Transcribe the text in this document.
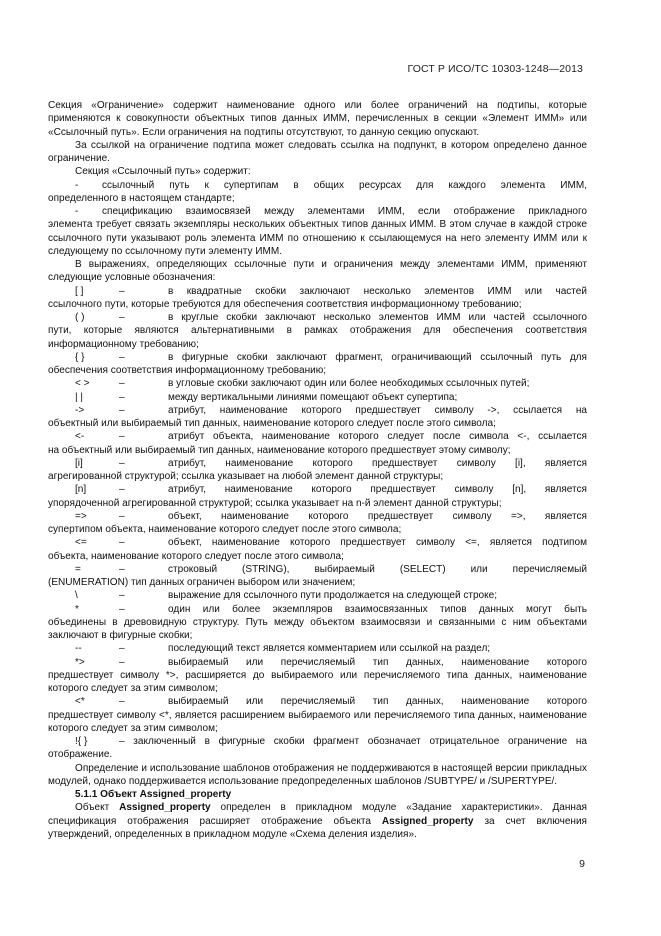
ГОСТ Р ИСО/ТС 10303-1248—2013

Секция «Ограничение» содержит наименование одного или более ограничений на подтипы, которые применяются к совокупности объектных типов данных ИММ, перечисленных в секции «Элемент ИММ» или «Ссылочный путь». Если ограничения на подтипы отсутствуют, то данную секцию опускают.

За ссылкой на ограничение подтипа может следовать ссылка на подпункт, в котором определено данное ограничение.

Секция «Ссылочный путь» содержит:

-	ссылочный путь к супертипам в общих ресурсах для каждого элемента ИММ,

определенного в настоящем стандарте;

-	спецификацию взаимосвязей между элементами ИММ, если отображение прикладного

элемента требует связать экземпляры нескольких объектных типов данных ИММ. В этом случае в каждой строке ссылочного пути указывают роль элемента ИММ по отношению к ссылающемуся на него элементу ИММ или к следующему по ссылочному пути элементу ИММ.

В выражениях, определяющих ссылочные пути и ограничения между элементами ИММ, применяют следующие условные обозначения:

[ ]	–	в квадратные скобки заключают несколько элементов ИММ или частей
ссылочного пути, которые требуются для обеспечения соответствия информационному требованию;
( )	–	в круглые скобки заключают несколько элементов ИММ или частей ссылочного
пути, которые являются альтернативными в рамках отображения для обеспечения соответствия информационному требованию;
{ }	–	в фигурные скобки заключают фрагмент, ограничивающий ссылочный путь для
обеспечения соответствия информационному требованию;
< >	–	в угловые скобки заключают один или более необходимых ссылочных путей;
| |	–	между вертикальными линиями помещают объект супертипа;
->	–	атрибут, наименование которого предшествует символу ->, ссылается на
объектный или выбираемый тип данных, наименование которого следует после этого символа;
<-	–	атрибут объекта, наименование которого следует после символа <-, ссылается
на объектный или выбираемый тип данных, наименование которого предшествует этому символу;
[i]	–	атрибут, наименование которого предшествует символу [i], является
агрегированной структурой; ссылка указывает на любой элемент данной структуры;
[n]	–	атрибут, наименование которого предшествует символу [n], является
упорядоченной агрегированной структурой; ссылка указывает на n-й элемент данной структуры;
=>	–	объект, наименование которого предшествует символу =>, является
супертипом объекта, наименование которого следует после этого символа;
<=	–	объект, наименование которого предшествует символу <=, является подтипом
объекта, наименование которого следует после этого символа;
=	–	строковый (STRING), выбираемый (SELECT) или перечисляемый
(ENUMERATION) тип данных ограничен выбором или значением;
\	–	выражение для ссылочного пути продолжается на следующей строке;
*	–	один или более экземпляров взаимосвязанных типов данных могут быть
объединены в древовидную структуру. Путь между объектом взаимосвязи и связанными с ним объектами заключают в фигурные скобки;
--	–	последующий текст является комментарием или ссылкой на раздел;
*>	–	выбираемый или перечисляемый тип данных, наименование которого
предшествует символу *>, расширяется до выбираемого или перечисляемого типа данных, наименование которого следует за этим символом;
<*	–	выбираемый или перечисляемый тип данных, наименование которого
предшествует символу <*, является расширением выбираемого или перечисляемого типа данных, наименование которого следует за этим символом;
!{ }	– заключенный в фигурные скобки фрагмент обозначает отрицательное ограничение на
отображение.

Определение и использование шаблонов отображения не поддерживаются в настоящей версии прикладных модулей, однако поддерживается использование предопределенных шаблонов /SUBTYPE/ и /SUPERTYPE/.

5.1.1 Объект Assigned_property

Объект Assigned_property определен в прикладном модуле «Задание характеристики». Данная спецификация отображения расширяет отображение объекта Assigned_property за счет включения утверждений, определенных в прикладном модуле «Схема деления изделия».

9
